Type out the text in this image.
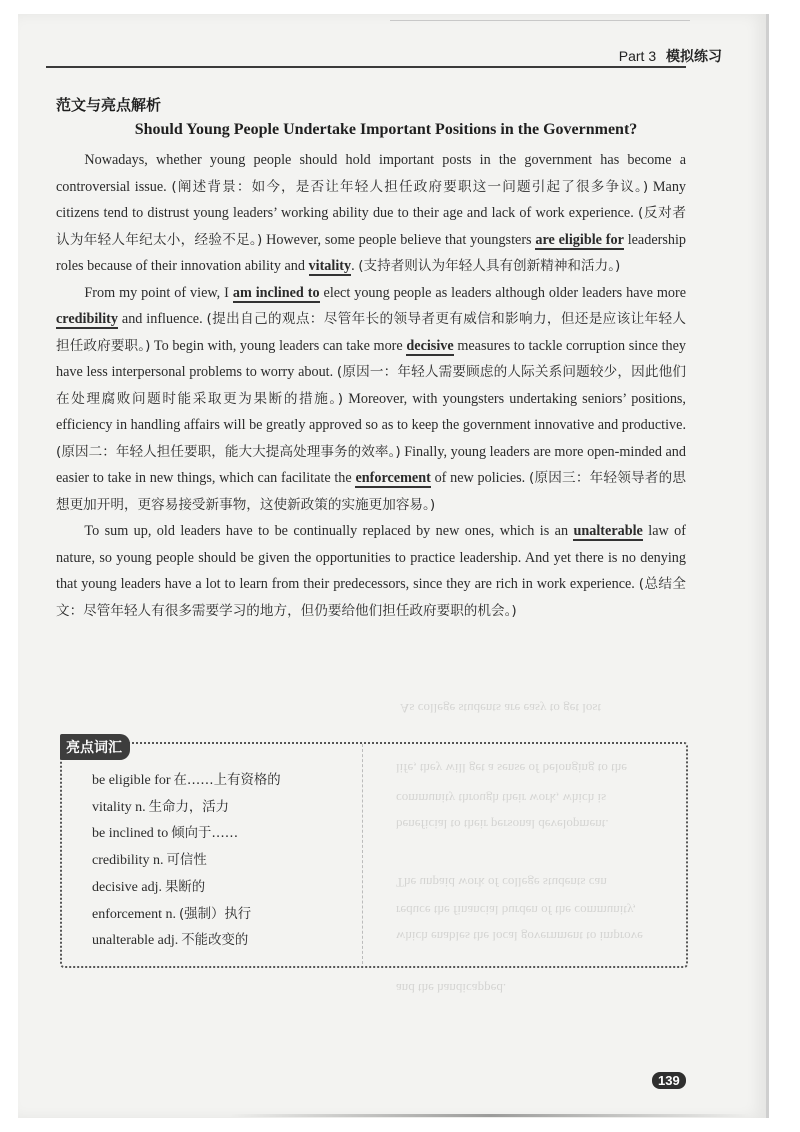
Part 3 模拟练习
范文与亮点解析
Should Young People Undertake Important Positions in the Government?

Nowadays, whether young people should hold important posts in the government has become a controversial issue. (阐述背景：如今，是否让年轻人担任政府要职这一问题引起了很多争议。) Many citizens tend to distrust young leaders’ working ability due to their age and lack of work experience. (反对者认为年轻人年纪太小，经验不足。) However, some people believe that youngsters are eligible for leadership roles because of their innovation ability and vitality. (支持者则认为年轻人具有创新精神和活力。)

From my point of view, I am inclined to elect young people as leaders although older leaders have more credibility and influence. (提出自己的观点：尽管年长的领导者更有威信和影响力，但还是应该让年轻人担任政府要职。) To begin with, young leaders can take more decisive measures to tackle corruption since they have less interpersonal problems to worry about. (原因一：年轻人需要顾虑的人际关系问题较少，因此他们在处理腐败问题时能采取更为果断的措施。) Moreover, with youngsters undertaking seniors’ positions, efficiency in handling affairs will be greatly approved so as to keep the government innovative and productive. (原因二：年轻人担任要职，能大大提高处理事务的效率。) Finally, young leaders are more open-minded and easier to take in new things, which can facilitate the enforcement of new policies. (原因三：年轻领导者的思想更加开明，更容易接受新事物，这使新政策的实施更加容易。)

To sum up, old leaders have to be continually replaced by new ones, which is an unalterable law of nature, so young people should be given the opportunities to practice leadership. And yet there is no denying that young leaders have a lot to learn from their predecessors, since they are rich in work experience. (总结全文：尽管年轻人有很多需要学习的地方，但仍要给他们担任政府要职的机会。)

As college students are easy to get lost
life, they will get a sense of belonging to the
community through their work, which is
beneficial to their personal development.
The unpaid work of college students can
reduce the financial burden of the community,
which enables the local government to improve
and the handicapped.
亮点词汇
be eligible for 在……上有资格的
vitality n. 生命力，活力
be inclined to 倾向于……
credibility n. 可信性
decisive adj. 果断的
enforcement n. (强制）执行
unalterable adj. 不能改变的
139
